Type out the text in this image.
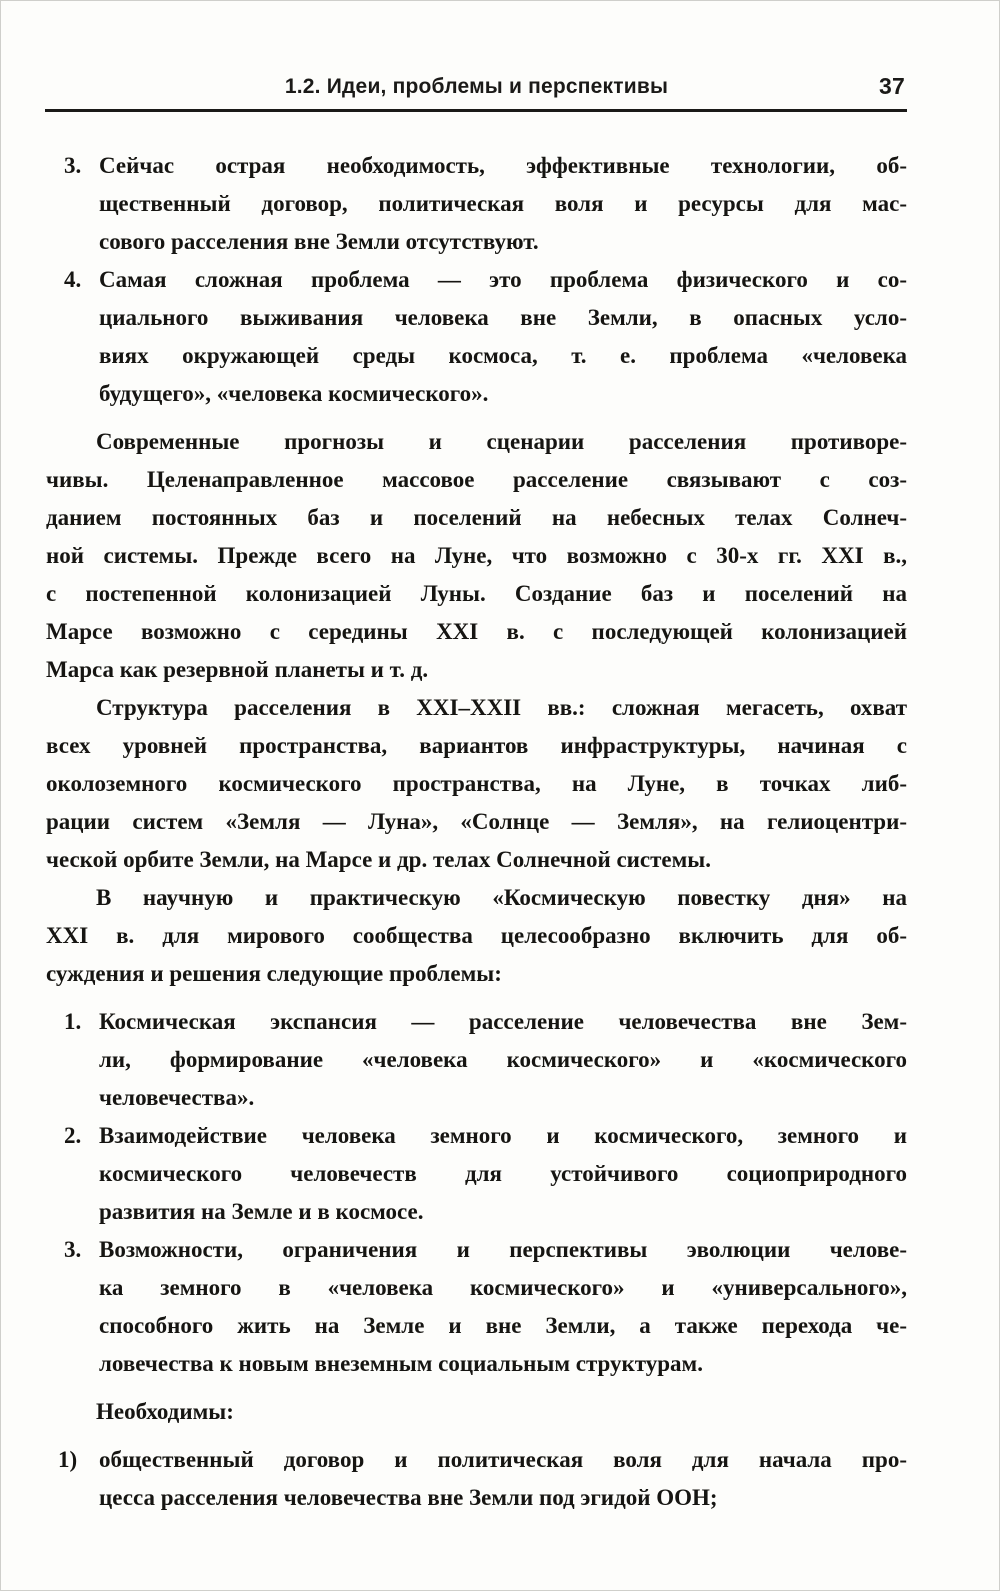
1.2. Идеи, проблемы и перспективы	37
3. Сейчас острая необходимость, эффективные технологии, об-
щественный договор, политическая воля и ресурсы для мас-
сового расселения вне Земли отсутствуют.
4. Самая сложная проблема — это проблема физического и со-
циального выживания человека вне Земли, в опасных усло-
виях окружающей среды космоса, т. е. проблема «человека
будущего», «человека космического».
Современные прогнозы и сценарии расселения противоре-
чивы. Целенаправленное массовое расселение связывают с соз-
данием постоянных баз и поселений на небесных телах Солнеч-
ной системы. Прежде всего на Луне, что возможно с 30-х гг. XXI в.,
с постепенной колонизацией Луны. Создание баз и поселений на
Марсе возможно с середины XXI в. с последующей колонизацией
Марса как резервной планеты и т. д.
Структура расселения в XXI–XXII вв.: сложная мегасеть, охват
всех уровней пространства, вариантов инфраструктуры, начиная с
околоземного космического пространства, на Луне, в точках либ-
рации систем «Земля — Луна», «Солнце — Земля», на гелиоцентри-
ческой орбите Земли, на Марсе и др. телах Солнечной системы.
В научную и практическую «Космическую повестку дня» на
XXI в. для мирового сообщества целесообразно включить для об-
суждения и решения следующие проблемы:
1. Космическая экспансия — расселение человечества вне Зем-
ли, формирование «человека космического» и «космического
человечества».
2. Взаимодействие человека земного и космического, земного и
космического человечеств для устойчивого социоприродного
развития на Земле и в космосе.
3. Возможности, ограничения и перспективы эволюции челове-
ка земного в «человека космического» и «универсального»,
способного жить на Земле и вне Земли, а также перехода че-
ловечества к новым внеземным социальным структурам.
Необходимы:
1) общественный договор и политическая воля для начала про-
цесса расселения человечества вне Земли под эгидой ООН;
